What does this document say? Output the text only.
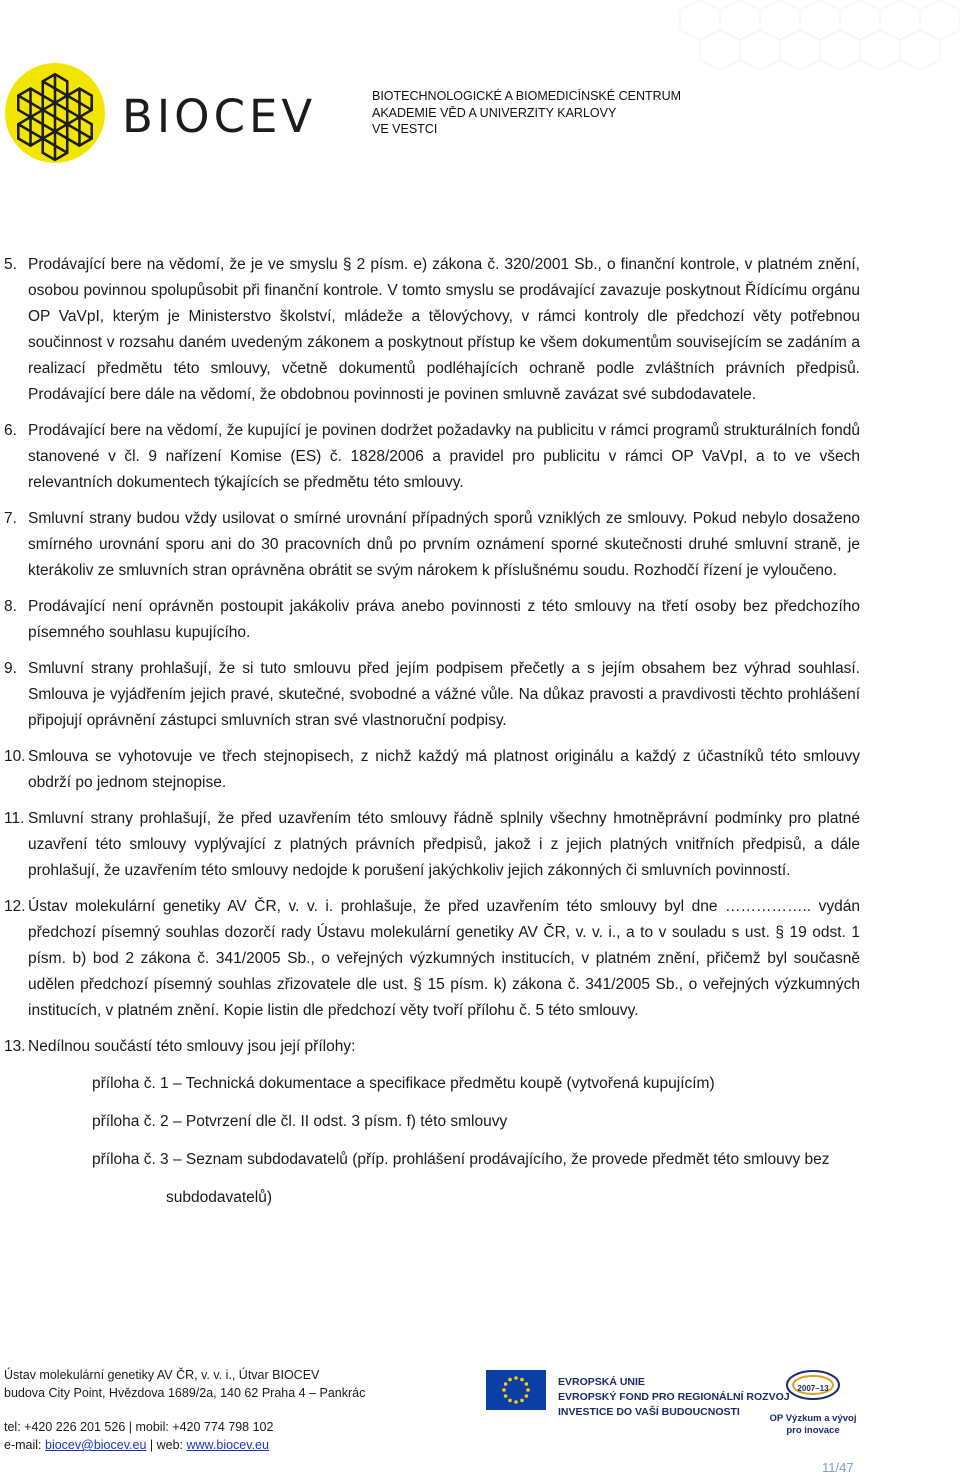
BIOCEV	BIOTECHNOLOGICKÉ A BIOMEDICÍNSKÉ CENTRUM
AKADEMIE VĚD A UNIVERZITY KARLOVY
VE VESTCI
5. Prodávající bere na vědomí, že je ve smyslu § 2 písm. e) zákona č. 320/2001 Sb., o finanční kontrole, v platném znění, osobou povinnou spolupůsobit při finanční kontrole. V tomto smyslu se prodávající zavazuje poskytnout Řídícímu orgánu OP VaVpI, kterým je Ministerstvo školství, mládeže a tělovýchovy, v rámci kontroly dle předchozí věty potřebnou součinnost v rozsahu daném uvedeným zákonem a poskytnout přístup ke všem dokumentům souvisejícím se zadáním a realizací předmětu této smlouvy, včetně dokumentů podléhajících ochraně podle zvláštních právních předpisů. Prodávající bere dále na vědomí, že obdobnou povinnosti je povinen smluvně zavázat své subdodavatele.
6. Prodávající bere na vědomí, že kupující je povinen dodržet požadavky na publicitu v rámci programů strukturálních fondů stanovené v čl. 9 nařízení Komise (ES) č. 1828/2006 a pravidel pro publicitu v rámci OP VaVpI, a to ve všech relevantních dokumentech týkajících se předmětu této smlouvy.
7. Smluvní strany budou vždy usilovat o smírné urovnání případných sporů vzniklých ze smlouvy. Pokud nebylo dosaženo smírného urovnání sporu ani do 30 pracovních dnů po prvním oznámení sporné skutečnosti druhé smluvní straně, je kterákoliv ze smluvních stran oprávněna obrátit se svým nárokem k příslušnému soudu. Rozhodčí řízení je vyloučeno.
8. Prodávající není oprávněn postoupit jakákoliv práva anebo povinnosti z této smlouvy na třetí osoby bez předchozího písemného souhlasu kupujícího.
9. Smluvní strany prohlašují, že si tuto smlouvu před jejím podpisem přečetly a s jejím obsahem bez výhrad souhlasí. Smlouva je vyjádřením jejich pravé, skutečné, svobodné a vážné vůle. Na důkaz pravosti a pravdivosti těchto prohlášení připojují oprávnění zástupci smluvních stran své vlastnoruční podpisy.
10. Smlouva se vyhotovuje ve třech stejnopisech, z nichž každý má platnost originálu a každý z účastníků této smlouvy obdrží po jednom stejnopise.
11. Smluvní strany prohlašují, že před uzavřením této smlouvy řádně splnily všechny hmotněprávní podmínky pro platné uzavření této smlouvy vyplývající z platných právních předpisů, jakož i z jejich platných vnitřních předpisů, a dále prohlašují, že uzavřením této smlouvy nedojde k porušení jakýchkoliv jejich zákonných či smluvních povinností.
12. Ústav molekulární genetiky AV ČR, v. v. i. prohlašuje, že před uzavřením této smlouvy byl dne …………….. vydán předchozí písemný souhlas dozorčí rady Ústavu molekulární genetiky AV ČR, v. v. i., a to v souladu s ust. § 19 odst. 1 písm. b) bod 2 zákona č. 341/2005 Sb., o veřejných výzkumných institucích, v platném znění, přičemž byl současně udělen předchozí písemný souhlas zřizovatele dle ust. § 15 písm. k) zákona č. 341/2005 Sb., o veřejných výzkumných institucích, v platném znění. Kopie listin dle předchozí věty tvoří přílohu č. 5 této smlouvy.
13. Nedílnou součástí této smlouvy jsou její přílohy:
příloha č. 1 – Technická dokumentace a specifikace předmětu koupě (vytvořená kupujícím)
příloha č. 2 – Potvrzení dle čl. II odst. 3 písm. f) této smlouvy
příloha č. 3 – Seznam subdodavatelů (příp. prohlášení prodávajícího, že provede předmět této smlouvy bez
subdodavatelů)
Ústav molekulární genetiky AV ČR, v. v. i., Útvar BIOCEV
budova City Point, Hvězdova 1689/2a, 140 62 Praha 4 – Pankrác
tel: +420 226 201 526 | mobil: +420 774 798 102
e-mail: biocev@biocev.eu | web: www.biocev.eu
EVROPSKÁ UNIE
EVROPSKÝ FOND PRO REGIONÁLNÍ ROZVOJ
INVESTICE DO VAŠÍ BUDOUCNOSTI
2007–13
OP Výzkum a vývoj
pro inovace
11/47
